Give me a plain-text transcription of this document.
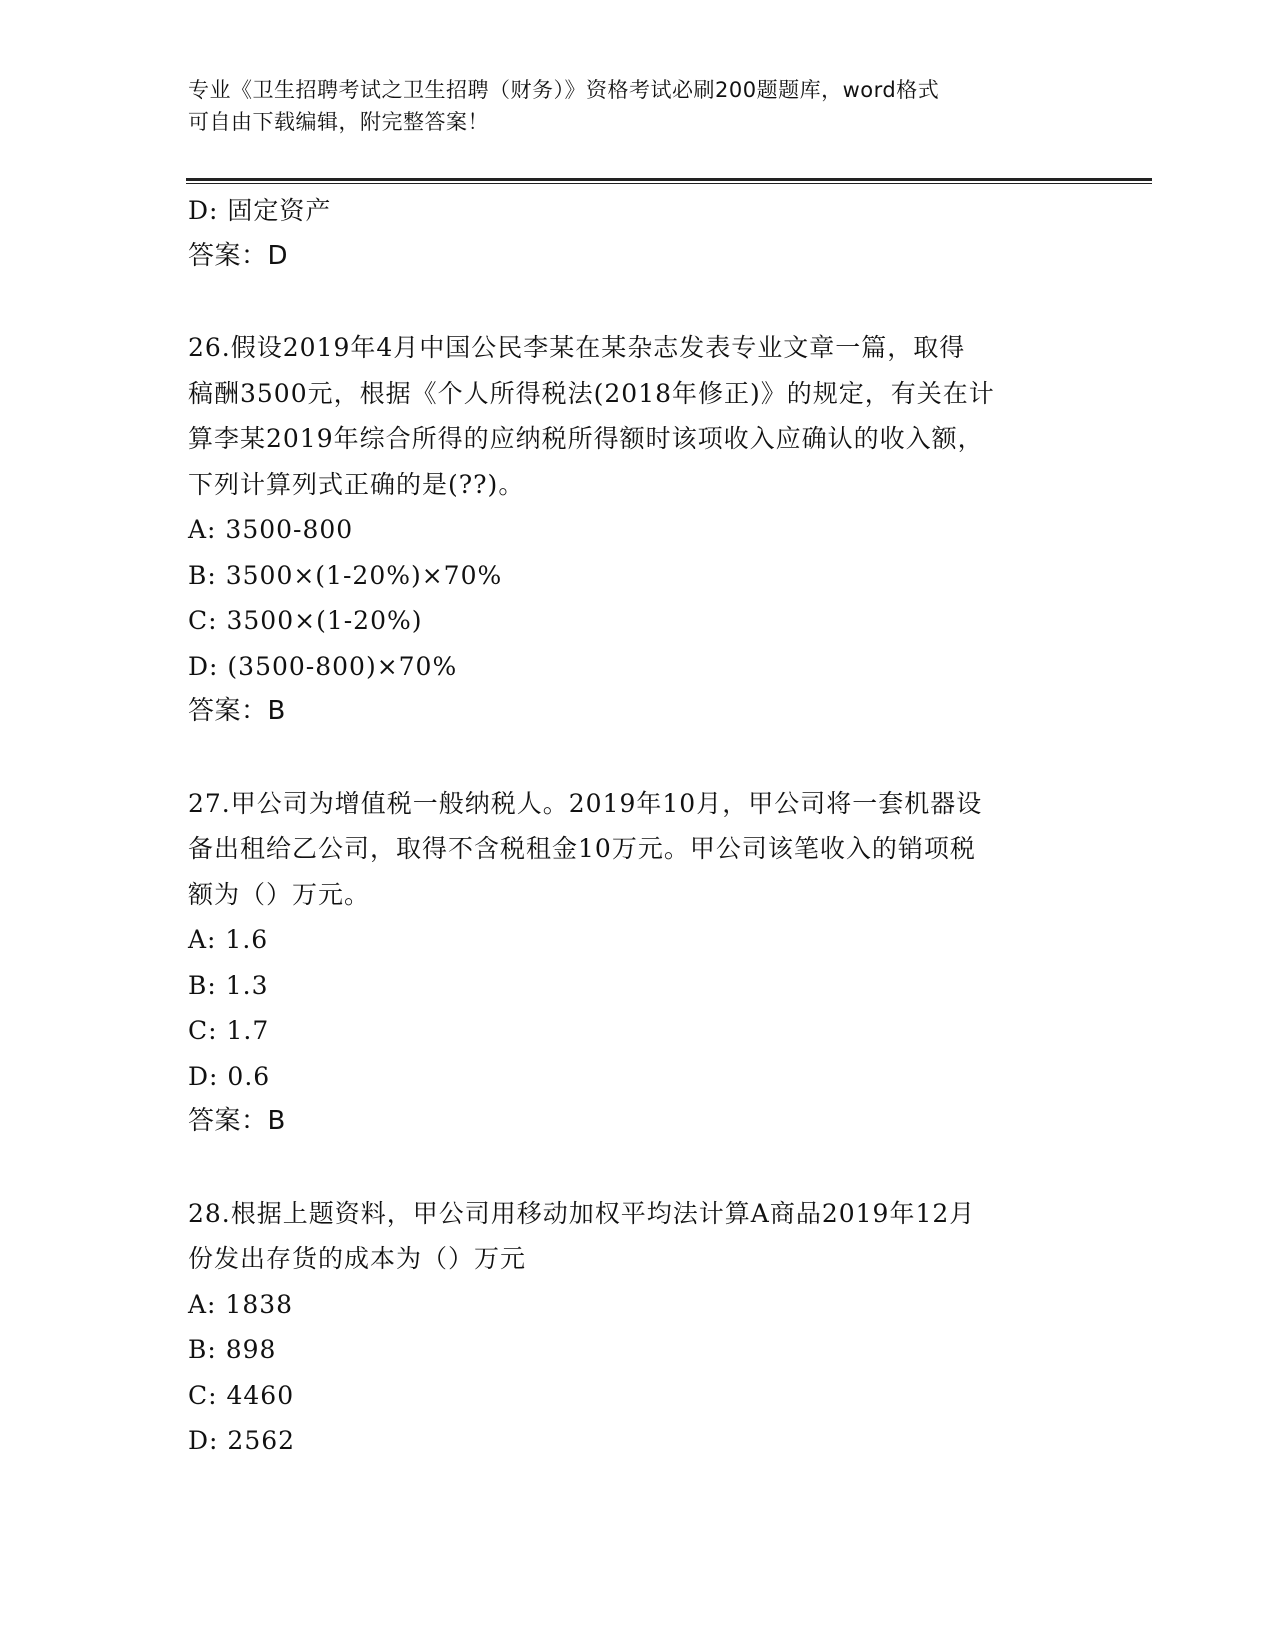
专业《卫生招聘考试之卫生招聘（财务）》资格考试必刷200题题库，word格式
可自由下载编辑，附完整答案！
D: 固定资产
答案：D
26.假设2019年4月中国公民李某在某杂志发表专业文章一篇，取得
稿酬3500元，根据《个人所得税法(2018年修正)》的规定，有关在计
算李某2019年综合所得的应纳税所得额时该项收入应确认的收入额，
下列计算列式正确的是(??)。
A: 3500-800
B: 3500×(1-20%)×70%
C: 3500×(1-20%)
D: (3500-800)×70%
答案：B
27.甲公司为增值税一般纳税人。2019年10月，甲公司将一套机器设
备出租给乙公司，取得不含税租金10万元。甲公司该笔收入的销项税
额为（）万元。
A: 1.6
B: 1.3
C: 1.7
D: 0.6
答案：B
28.根据上题资料，甲公司用移动加权平均法计算A商品2019年12月
份发出存货的成本为（）万元
A: 1838
B: 898
C: 4460
D: 2562
